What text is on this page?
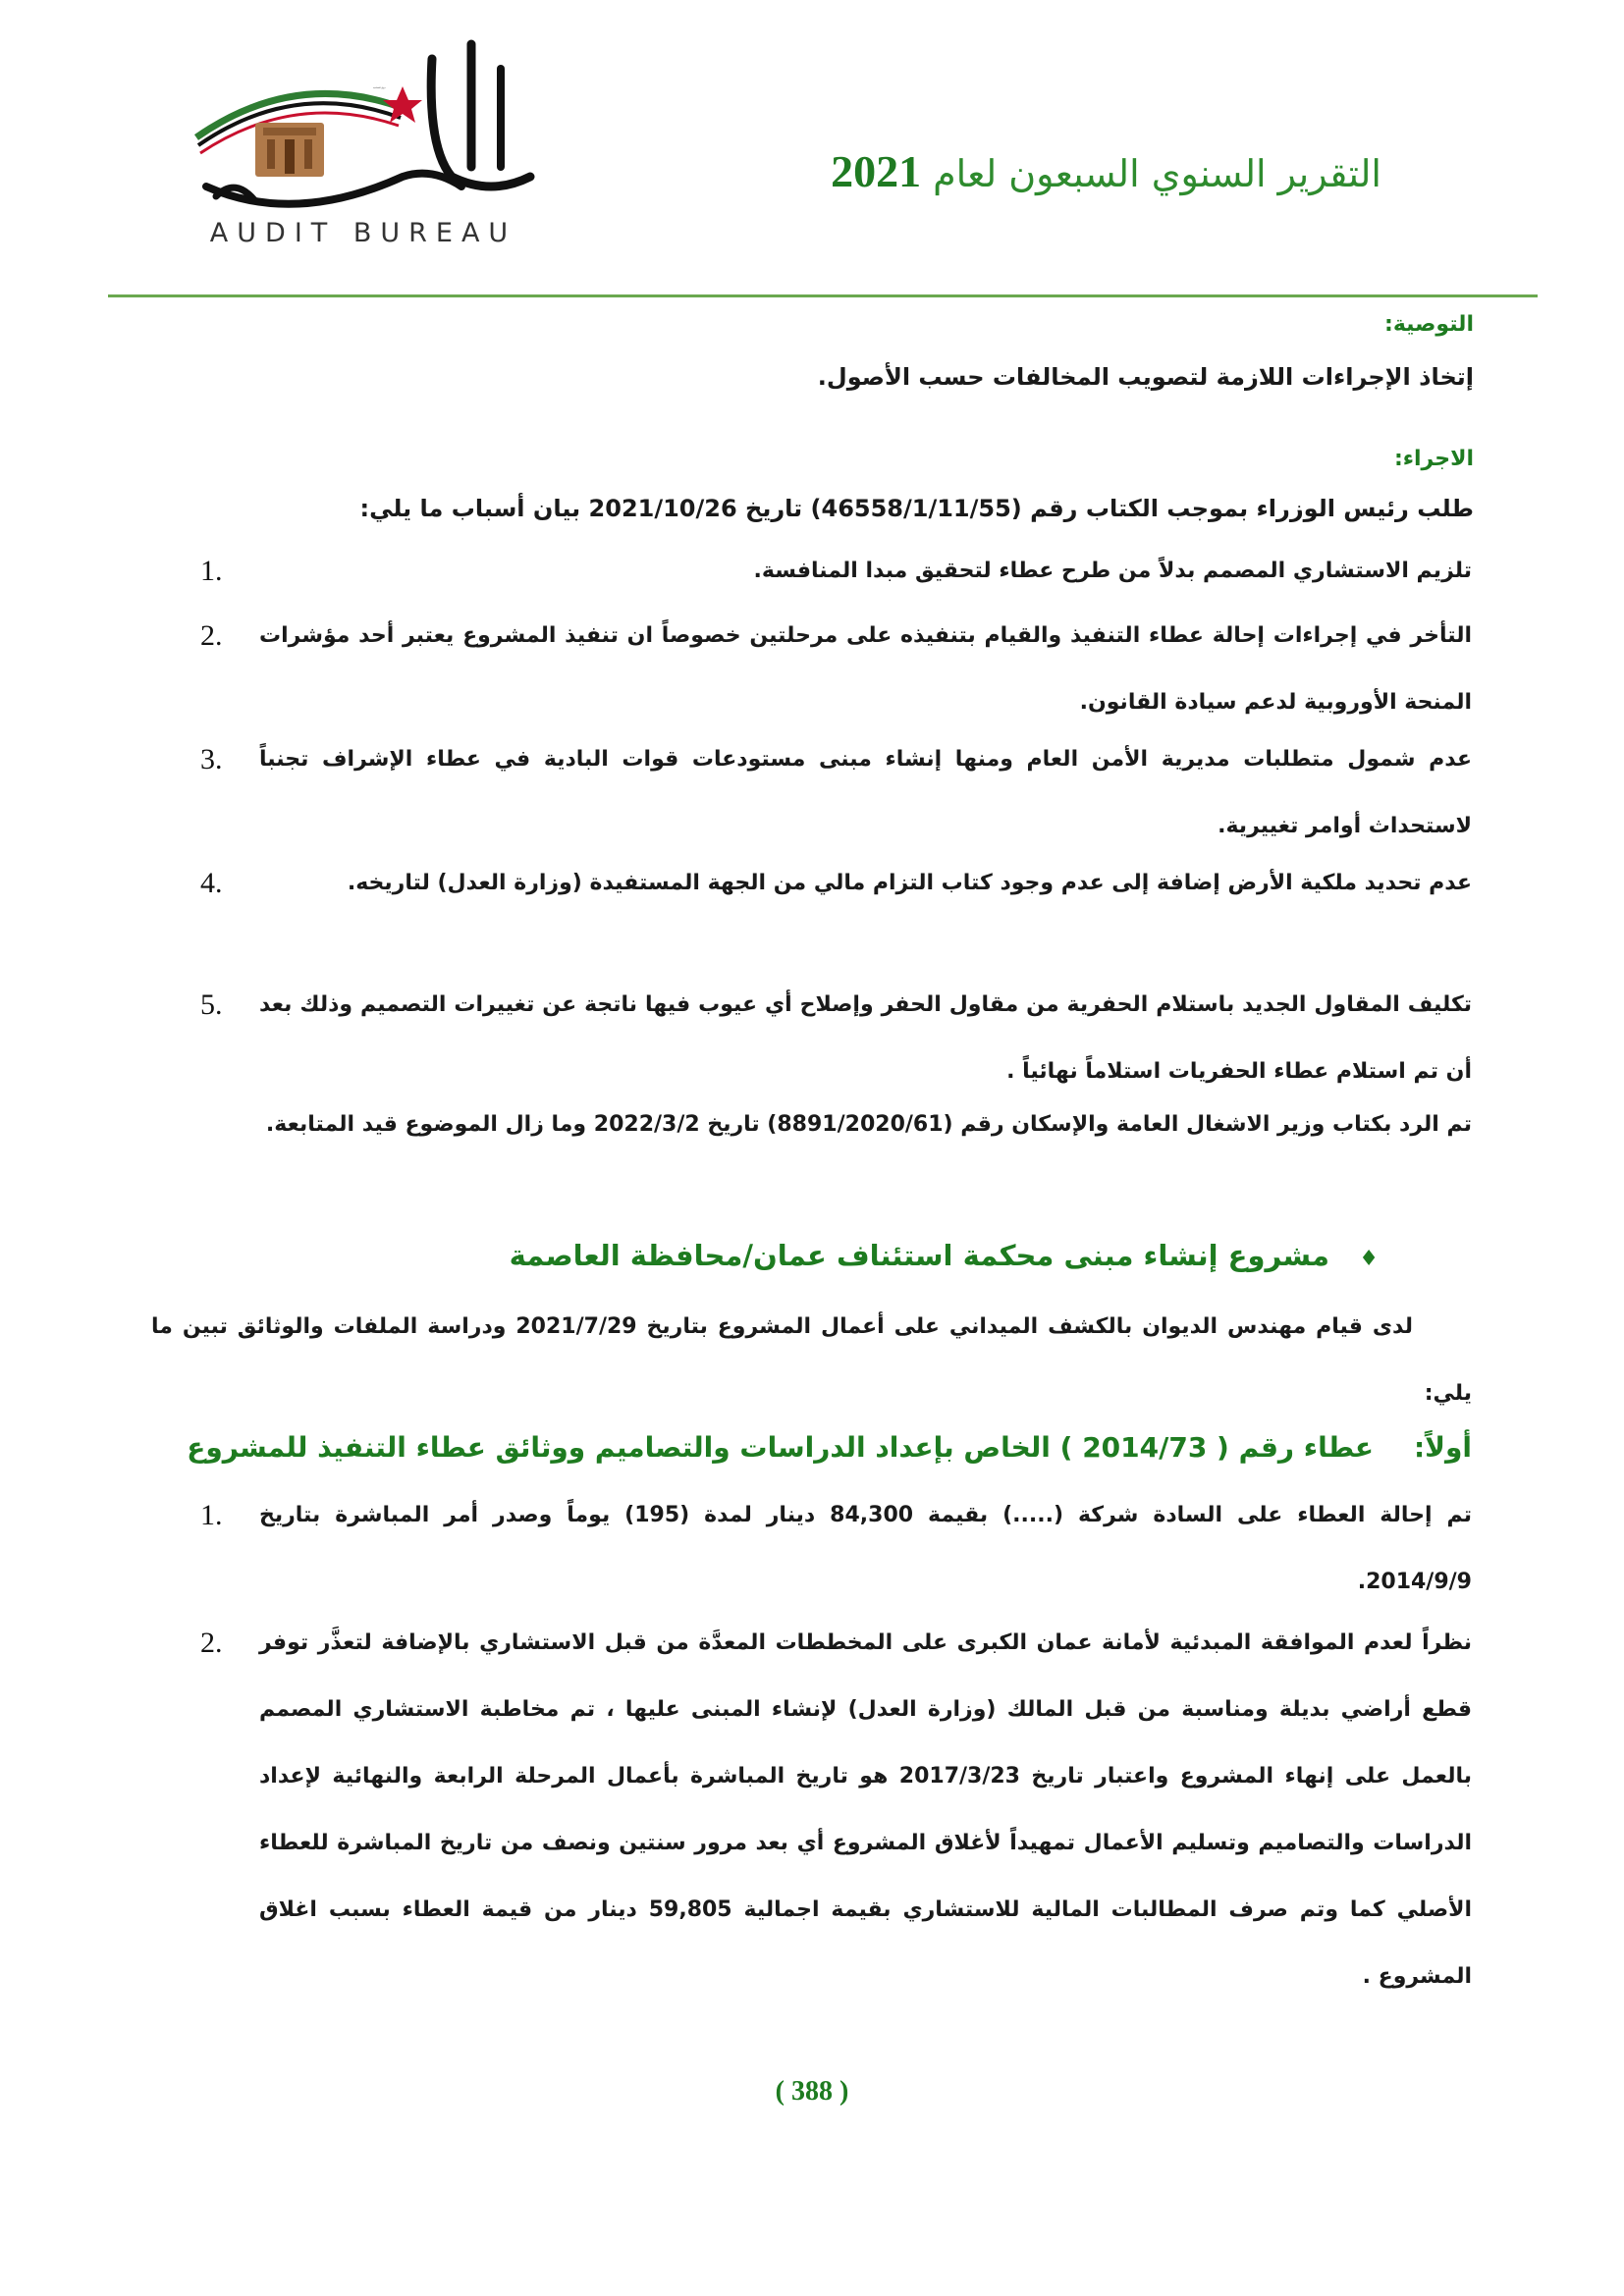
ديوان المحاسبة
AUDIT BUREAU
التقرير السنوي السبعون لعام 2021
التوصية:
إتخاذ الإجراءات اللازمة لتصويب المخالفات حسب الأصول.
الاجراء:
طلب رئيس الوزراء بموجب الكتاب رقم (46558/1/11/55) تاريخ 2021/10/26 بيان أسباب ما يلي:
1.	تلزيم الاستشاري المصمم بدلاً من طرح عطاء لتحقيق مبدا المنافسة.
2.	التأخر في إجراءات إحالة عطاء التنفيذ والقيام بتنفيذه على مرحلتين خصوصاً ان تنفيذ المشروع يعتبر أحد مؤشرات المنحة الأوروبية لدعم سيادة القانون.
3.	عدم شمول متطلبات مديرية الأمن العام ومنها إنشاء مبنى مستودعات قوات البادية في عطاء الإشراف تجنباً لاستحداث أوامر تغييرية.
4.	عدم تحديد ملكية الأرض إضافة إلى عدم وجود كتاب التزام مالي من الجهة المستفيدة (وزارة العدل) لتاريخه.
5.	تكليف المقاول الجديد باستلام الحفرية من مقاول الحفر وإصلاح أي عيوب فيها ناتجة عن تغييرات التصميم وذلك بعد أن تم استلام عطاء الحفريات استلاماً نهائياً .
تم الرد بكتاب وزير الاشغال العامة والإسكان رقم (8891/2020/61) تاريخ 2022/3/2 وما زال الموضوع قيد المتابعة.
♦
مشروع إنشاء مبنى محكمة استئناف عمان/محافظة العاصمة
لدى قيام مهندس الديوان بالكشف الميداني على أعمال المشروع بتاريخ 2021/7/29 ودراسة الملفات والوثائق تبين ما يلي:
أولاً:
عطاء رقم ( 2014/73 ) الخاص بإعداد الدراسات والتصاميم ووثائق عطاء التنفيذ للمشروع
1.	تم إحالة العطاء على السادة شركة (.....) بقيمة 84,300 دينار لمدة (195) يوماً وصدر أمر المباشرة بتاريخ 2014/9/9.
2.	نظراً لعدم الموافقة المبدئية لأمانة عمان الكبرى على المخططات المعدَّة من قبل الاستشاري بالإضافة لتعذَّر توفر قطع أراضي بديلة ومناسبة من قبل المالك (وزارة العدل) لإنشاء المبنى عليها ، تم مخاطبة الاستشاري المصمم بالعمل على إنهاء المشروع واعتبار تاريخ 2017/3/23 هو تاريخ المباشرة بأعمال المرحلة الرابعة والنهائية لإعداد الدراسات والتصاميم وتسليم الأعمال تمهيداً لأغلاق المشروع أي بعد مرور سنتين ونصف من تاريخ المباشرة للعطاء الأصلي كما وتم صرف المطالبات المالية للاستشاري بقيمة اجمالية 59,805 دينار من قيمة العطاء بسبب اغلاق المشروع .
( 388 )
